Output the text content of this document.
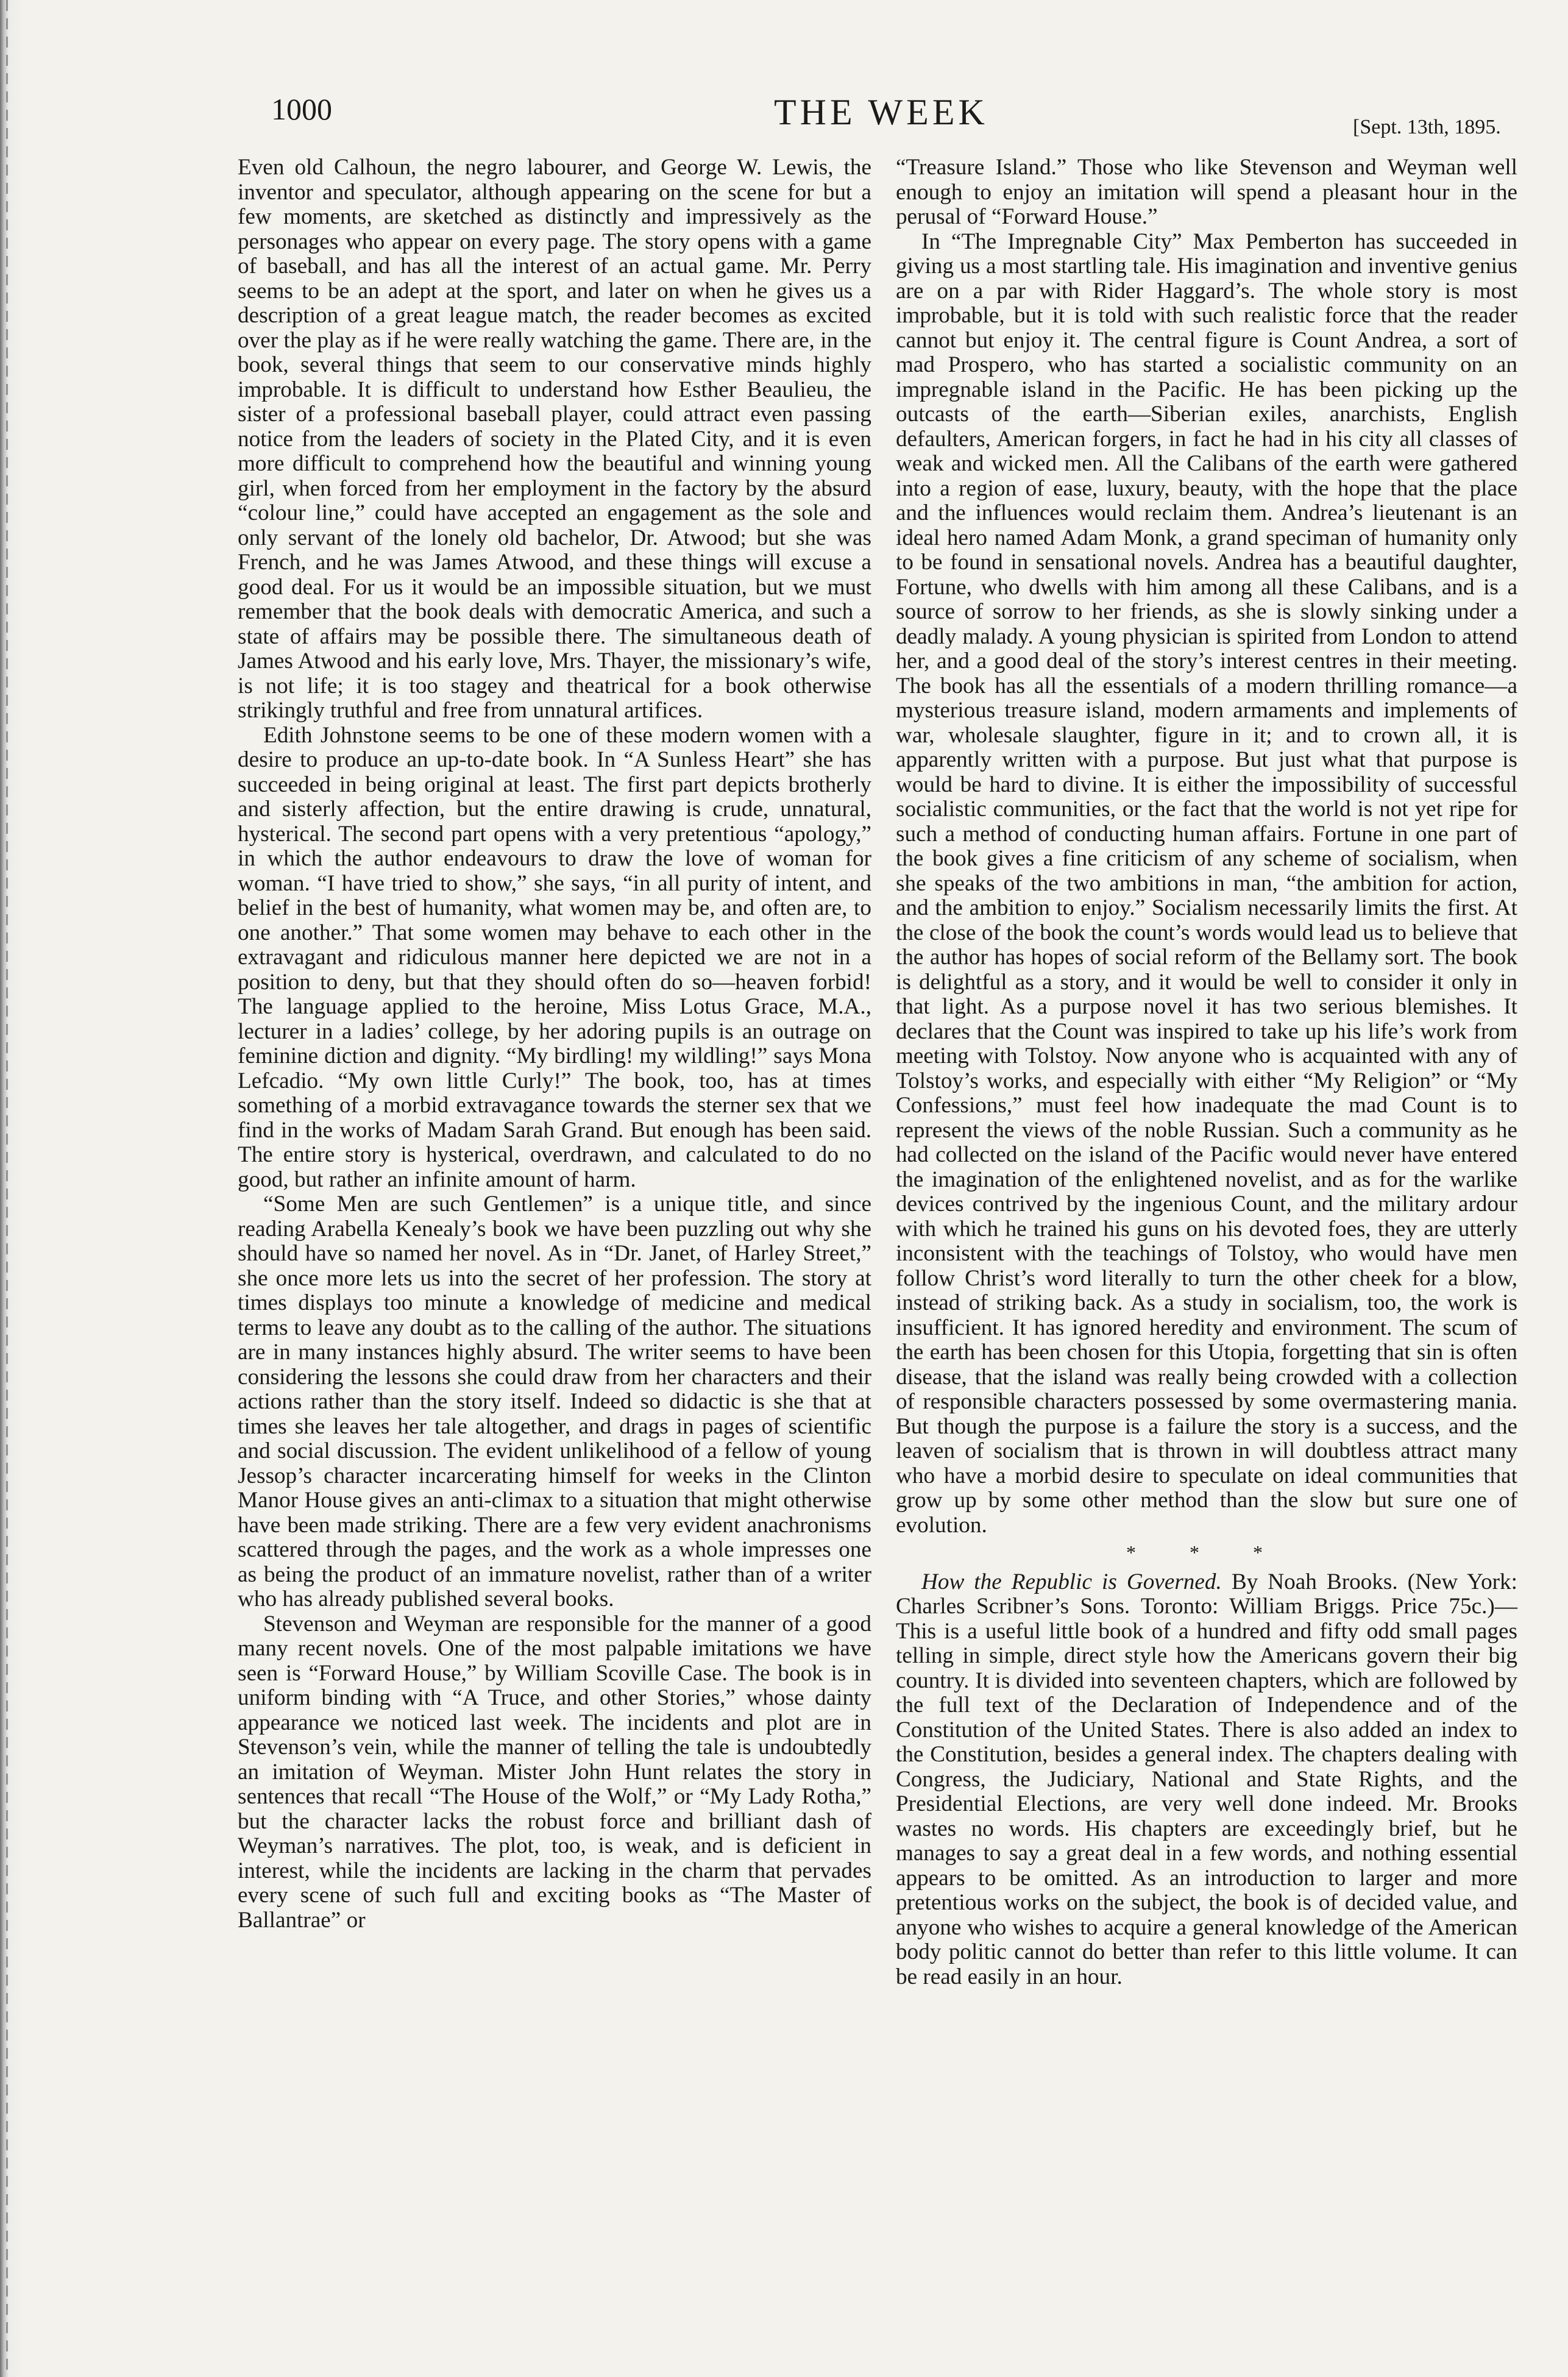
1000	THE WEEK	[Sept. 13th, 1895.

Even old Calhoun, the negro labourer, and George W. Lewis, the inventor and speculator, although appearing on the scene for but a few moments, are sketched as distinctly and impressively as the personages who appear on every page. The story opens with a game of baseball, and has all the interest of an actual game. Mr. Perry seems to be an adept at the sport, and later on when he gives us a description of a great league match, the reader becomes as excited over the play as if he were really watching the game. There are, in the book, several things that seem to our conservative minds highly improbable. It is difficult to understand how Esther Beaulieu, the sister of a professional baseball player, could attract even passing notice from the leaders of society in the Plated City, and it is even more difficult to comprehend how the beautiful and winning young girl, when forced from her employment in the factory by the absurd “colour line,” could have accepted an engagement as the sole and only servant of the lonely old bachelor, Dr. Atwood; but she was French, and he was James Atwood, and these things will excuse a good deal. For us it would be an impossible situation, but we must remember that the book deals with democratic America, and such a state of affairs may be possible there. The simultaneous death of James Atwood and his early love, Mrs. Thayer, the missionary’s wife, is not life; it is too stagey and theatrical for a book otherwise strikingly truthful and free from unnatural artifices.

Edith Johnstone seems to be one of these modern women with a desire to produce an up-to-date book. In “A Sunless Heart” she has succeeded in being original at least. The first part depicts brotherly and sisterly affection, but the entire drawing is crude, unnatural, hysterical. The second part opens with a very pretentious “apology,” in which the author endeavours to draw the love of woman for woman. “I have tried to show,” she says, “in all purity of intent, and belief in the best of humanity, what women may be, and often are, to one another.” That some women may behave to each other in the extravagant and ridiculous manner here depicted we are not in a position to deny, but that they should often do so—heaven forbid! The language applied to the heroine, Miss Lotus Grace, M.A., lecturer in a ladies’ college, by her adoring pupils is an outrage on feminine diction and dignity. “My birdling! my wildling!” says Mona Lefcadio. “My own little Curly!” The book, too, has at times something of a morbid extravagance towards the sterner sex that we find in the works of Madam Sarah Grand. But enough has been said. The entire story is hysterical, overdrawn, and calculated to do no good, but rather an infinite amount of harm.

“Some Men are such Gentlemen” is a unique title, and since reading Arabella Kenealy’s book we have been puzzling out why she should have so named her novel. As in “Dr. Janet, of Harley Street,” she once more lets us into the secret of her profession. The story at times displays too minute a knowledge of medicine and medical terms to leave any doubt as to the calling of the author. The situations are in many instances highly absurd. The writer seems to have been considering the lessons she could draw from her characters and their actions rather than the story itself. Indeed so didactic is she that at times she leaves her tale altogether, and drags in pages of scientific and social discussion. The evident unlikelihood of a fellow of young Jessop’s character incarcerating himself for weeks in the Clinton Manor House gives an anti-climax to a situation that might otherwise have been made striking. There are a few very evident anachronisms scattered through the pages, and the work as a whole impresses one as being the product of an immature novelist, rather than of a writer who has already published several books.

Stevenson and Weyman are responsible for the manner of a good many recent novels. One of the most palpable imitations we have seen is “Forward House,” by William Scoville Case. The book is in uniform binding with “A Truce, and other Stories,” whose dainty appearance we noticed last week. The incidents and plot are in Stevenson’s vein, while the manner of telling the tale is undoubtedly an imitation of Weyman. Mister John Hunt relates the story in sentences that recall “The House of the Wolf,” or “My Lady Rotha,” but the character lacks the robust force and brilliant dash of Weyman’s narratives. The plot, too, is weak, and is deficient in interest, while the incidents are lacking in the charm that pervades every scene of such full and exciting books as “The Master of Ballantrae” or

“Treasure Island.” Those who like Stevenson and Weyman well enough to enjoy an imitation will spend a pleasant hour in the perusal of “Forward House.”

In “The Impregnable City” Max Pemberton has succeeded in giving us a most startling tale. His imagination and inventive genius are on a par with Rider Haggard’s. The whole story is most improbable, but it is told with such realistic force that the reader cannot but enjoy it. The central figure is Count Andrea, a sort of mad Prospero, who has started a socialistic community on an impregnable island in the Pacific. He has been picking up the outcasts of the earth—Siberian exiles, anarchists, English defaulters, American forgers, in fact he had in his city all classes of weak and wicked men. All the Calibans of the earth were gathered into a region of ease, luxury, beauty, with the hope that the place and the influences would reclaim them. Andrea’s lieutenant is an ideal hero named Adam Monk, a grand speciman of humanity only to be found in sensational novels. Andrea has a beautiful daughter, Fortune, who dwells with him among all these Calibans, and is a source of sorrow to her friends, as she is slowly sinking under a deadly malady. A young physician is spirited from London to attend her, and a good deal of the story’s interest centres in their meeting. The book has all the essentials of a modern thrilling romance—a mysterious treasure island, modern armaments and implements of war, wholesale slaughter, figure in it; and to crown all, it is apparently written with a purpose. But just what that purpose is would be hard to divine. It is either the impossibility of successful socialistic communities, or the fact that the world is not yet ripe for such a method of conducting human affairs. Fortune in one part of the book gives a fine criticism of any scheme of socialism, when she speaks of the two ambitions in man, “the ambition for action, and the ambition to enjoy.” Socialism necessarily limits the first. At the close of the book the count’s words would lead us to believe that the author has hopes of social reform of the Bellamy sort. The book is delightful as a story, and it would be well to consider it only in that light. As a purpose novel it has two serious blemishes. It declares that the Count was inspired to take up his life’s work from meeting with Tolstoy. Now anyone who is acquainted with any of Tolstoy’s works, and especially with either “My Religion” or “My Confessions,” must feel how inadequate the mad Count is to represent the views of the noble Russian. Such a community as he had collected on the island of the Pacific would never have entered the imagination of the enlightened novelist, and as for the warlike devices contrived by the ingenious Count, and the military ardour with which he trained his guns on his devoted foes, they are utterly inconsistent with the teachings of Tolstoy, who would have men follow Christ’s word literally to turn the other cheek for a blow, instead of striking back. As a study in socialism, too, the work is insufficient. It has ignored heredity and environment. The scum of the earth has been chosen for this Utopia, forgetting that sin is often disease, that the island was really being crowded with a collection of responsible characters possessed by some overmastering mania. But though the purpose is a failure the story is a success, and the leaven of socialism that is thrown in will doubtless attract many who have a morbid desire to speculate on ideal communities that grow up by some other method than the slow but sure one of evolution.

* * *

How the Republic is Governed. By Noah Brooks. (New York: Charles Scribner’s Sons. Toronto: William Briggs. Price 75c.)—This is a useful little book of a hundred and fifty odd small pages telling in simple, direct style how the Americans govern their big country. It is divided into seventeen chapters, which are followed by the full text of the Declaration of Independence and of the Constitution of the United States. There is also added an index to the Constitution, besides a general index. The chapters dealing with Congress, the Judiciary, National and State Rights, and the Presidential Elections, are very well done indeed. Mr. Brooks wastes no words. His chapters are exceedingly brief, but he manages to say a great deal in a few words, and nothing essential appears to be omitted. As an introduction to larger and more pretentious works on the subject, the book is of decided value, and anyone who wishes to acquire a general knowledge of the American body politic cannot do better than refer to this little volume. It can be read easily in an hour.
